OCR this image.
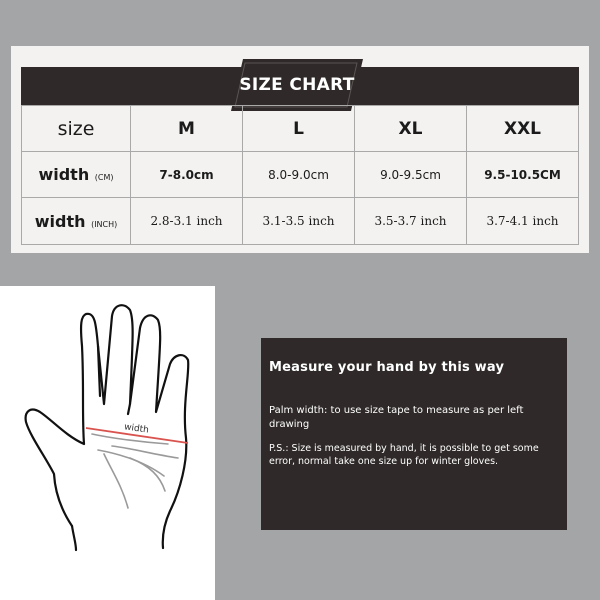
SIZE CHART
size	M	L	XL	XXL
width (CM)	7-8.0cm	8.0-9.0cm	9.0-9.5cm	9.5-10.5CM
width (INCH)	2.8-3.1 inch	3.1-3.5 inch	3.5-3.7 inch	3.7-4.1 inch
width
Measure your hand by this way
Palm width: to use size tape to measure as per left drawing
P.S.: Size is measured by hand, it is possible to get some error, normal take one size up for winter gloves.
